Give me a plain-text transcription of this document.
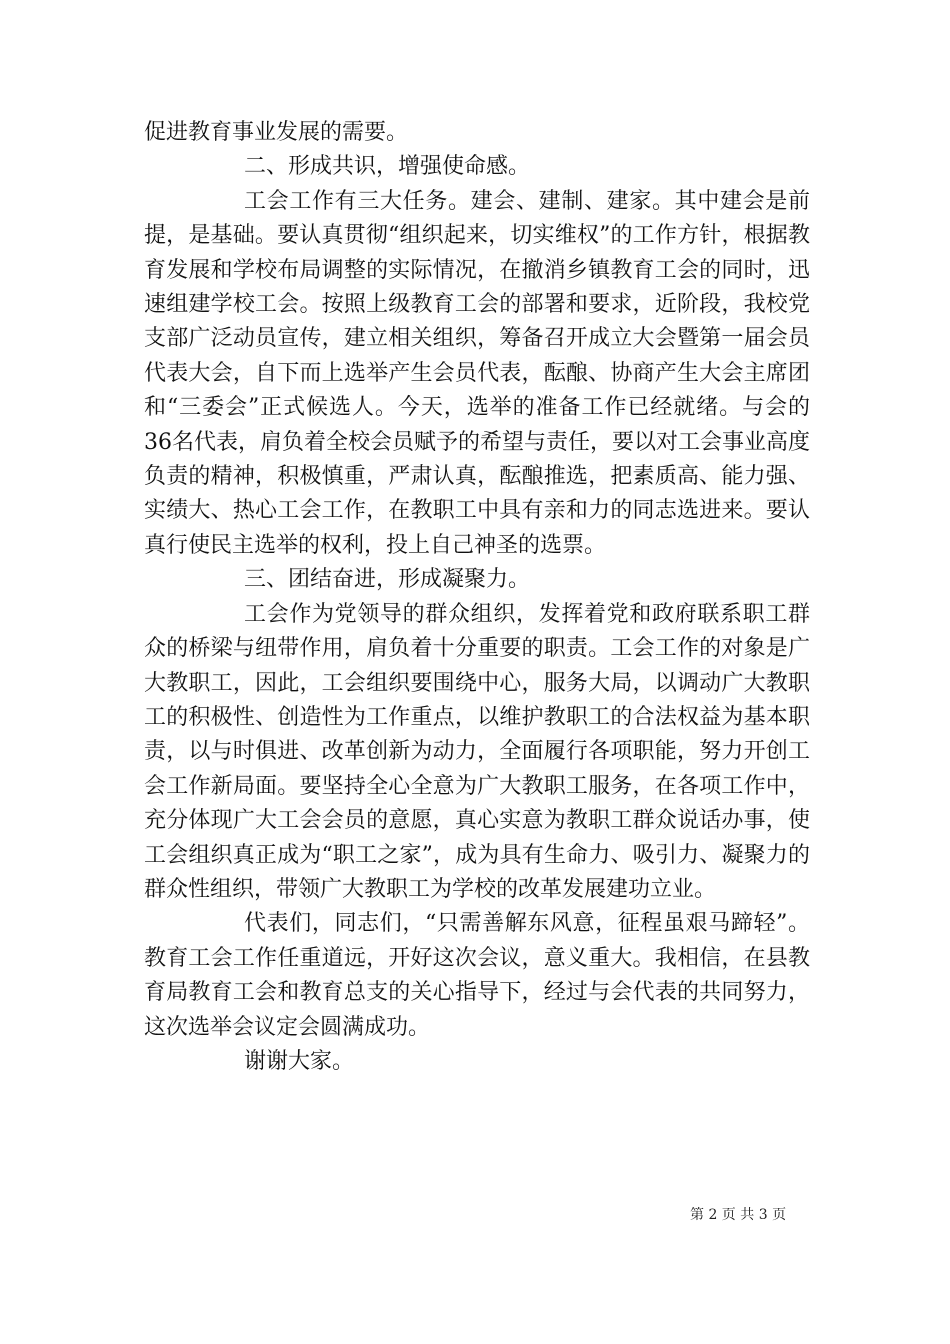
促进教育事业发展的需要。

二、形成共识，增强使命感。

工会工作有三大任务。建会、建制、建家。其中建会是前提，是基础。要认真贯彻“组织起来，切实维权”的工作方针，根据教育发展和学校布局调整的实际情况，在撤消乡镇教育工会的同时，迅速组建学校工会。按照上级教育工会的部署和要求，近阶段，我校党支部广泛动员宣传，建立相关组织，筹备召开成立大会暨第一届会员代表大会，自下而上选举产生会员代表，酝酿、协商产生大会主席团和“三委会”正式候选人。今天，选举的准备工作已经就绪。与会的36名代表，肩负着全校会员赋予的希望与责任，要以对工会事业高度负责的精神，积极慎重，严肃认真，酝酿推选，把素质高、能力强、实绩大、热心工会工作，在教职工中具有亲和力的同志选进来。要认真行使民主选举的权利，投上自己神圣的选票。

三、团结奋进，形成凝聚力。

工会作为党领导的群众组织，发挥着党和政府联系职工群众的桥梁与纽带作用，肩负着十分重要的职责。工会工作的对象是广大教职工，因此，工会组织要围绕中心，服务大局，以调动广大教职工的积极性、创造性为工作重点，以维护教职工的合法权益为基本职责，以与时俱进、改革创新为动力，全面履行各项职能，努力开创工会工作新局面。要坚持全心全意为广大教职工服务，在各项工作中，充分体现广大工会会员的意愿，真心实意为教职工群众说话办事，使工会组织真正成为“职工之家”，成为具有生命力、吸引力、凝聚力的群众性组织，带领广大教职工为学校的改革发展建功立业。

代表们，同志们，“只需善解东风意，征程虽艰马蹄轻”。教育工会工作任重道远，开好这次会议，意义重大。我相信，在县教育局教育工会和教育总支的关心指导下，经过与会代表的共同努力，这次选举会议定会圆满成功。

谢谢大家。

第 2 页 共 3 页
